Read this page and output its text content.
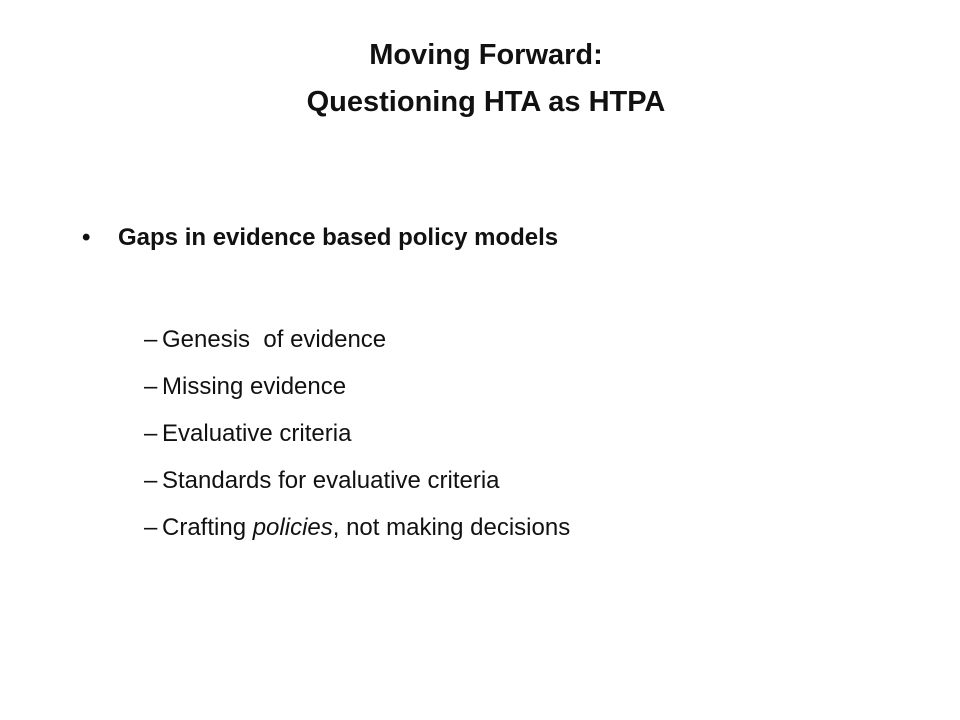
Moving Forward:
Questioning HTA as HTPA
• Gaps in evidence based policy models
– Genesis  of evidence
– Missing evidence
– Evaluative criteria
– Standards for evaluative criteria
– Crafting policies, not making decisions
